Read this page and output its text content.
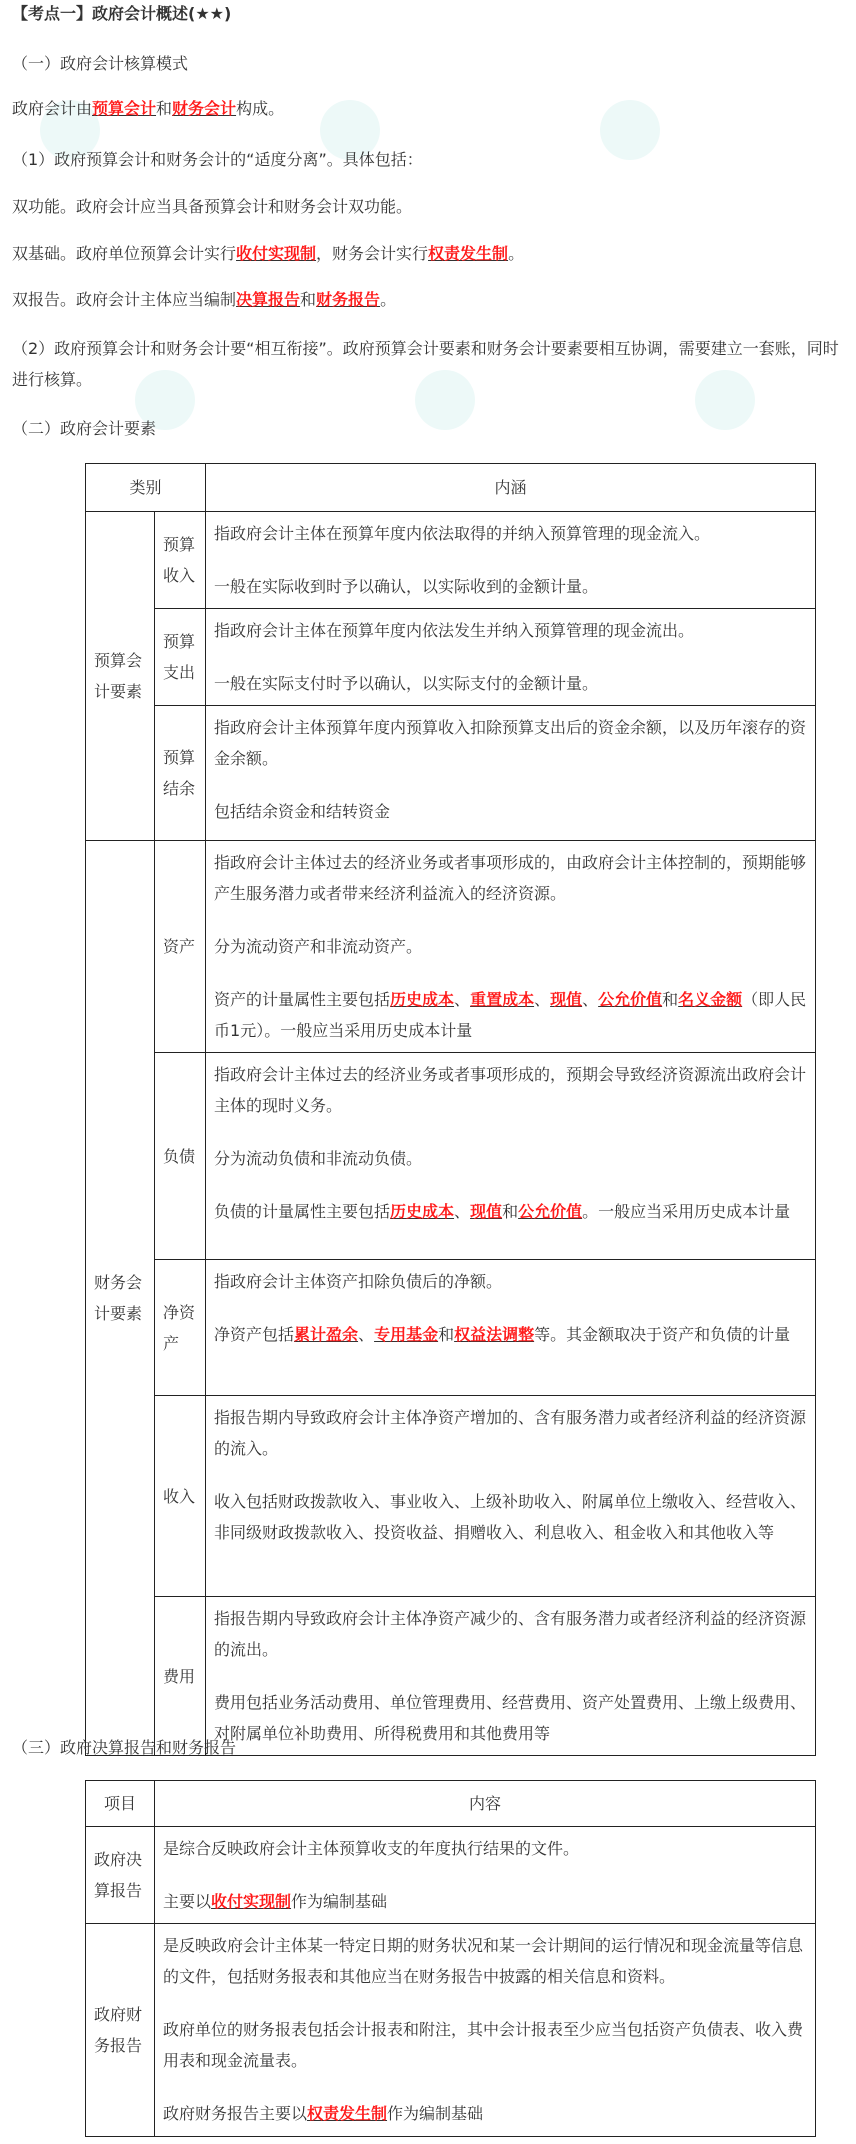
【考点一】政府会计概述(★★)

（一）政府会计核算模式

政府会计由预算会计和财务会计构成。

（1）政府预算会计和财务会计的“适度分离”。具体包括：

双功能。政府会计应当具备预算会计和财务会计双功能。

双基础。政府单位预算会计实行收付实现制，财务会计实行权责发生制。

双报告。政府会计主体应当编制决算报告和财务报告。

（2）政府预算会计和财务会计要“相互衔接”。政府预算会计要素和财务会计要素要相互协调，需要建立一套账，同时进行核算。

（二）政府会计要素

类别		内涵
预算会计要素	预算收入	指政府会计主体在预算年度内依法取得的并纳入预算管理的现金流入。
一般在实际收到时予以确认，以实际收到的金额计量。

	预算支出	指政府会计主体在预算年度内依法发生并纳入预算管理的现金流出。
一般在实际支付时予以确认，以实际支付的金额计量。

	预算结余	指政府会计主体预算年度内预算收入扣除预算支出后的资金余额，以及历年滚存的资金余额。
包括结余资金和结转资金

财务会计要素	资产	指政府会计主体过去的经济业务或者事项形成的，由政府会计主体控制的，预期能够产生服务潜力或者带来经济利益流入的经济资源。
分为流动资产和非流动资产。
资产的计量属性主要包括历史成本、重置成本、现值、公允价值和名义金额（即人民币1元）。一般应当采用历史成本计量

	负债	指政府会计主体过去的经济业务或者事项形成的，预期会导致经济资源流出政府会计主体的现时义务。
分为流动负债和非流动负债。
负债的计量属性主要包括历史成本、现值和公允价值。一般应当采用历史成本计量

	净资产	指政府会计主体资产扣除负债后的净额。
净资产包括累计盈余、专用基金和权益法调整等。其金额取决于资产和负债的计量

	收入	指报告期内导致政府会计主体净资产增加的、含有服务潜力或者经济利益的经济资源的流入。
收入包括财政拨款收入、事业收入、上级补助收入、附属单位上缴收入、经营收入、非同级财政拨款收入、投资收益、捐赠收入、利息收入、租金收入和其他收入等

	费用	指报告期内导致政府会计主体净资产减少的、含有服务潜力或者经济利益的经济资源的流出。
费用包括业务活动费用、单位管理费用、经营费用、资产处置费用、上缴上级费用、对附属单位补助费用、所得税费用和其他费用等

（三）政府决算报告和财务报告

项目	内容
政府决算报告	是综合反映政府会计主体预算收支的年度执行结果的文件。
主要以收付实现制作为编制基础

政府财务报告	是反映政府会计主体某一特定日期的财务状况和某一会计期间的运行情况和现金流量等信息的文件，包括财务报表和其他应当在财务报告中披露的相关信息和资料。
政府单位的财务报表包括会计报表和附注，其中会计报表至少应当包括资产负债表、收入费用表和现金流量表。
政府财务报告主要以权责发生制作为编制基础
